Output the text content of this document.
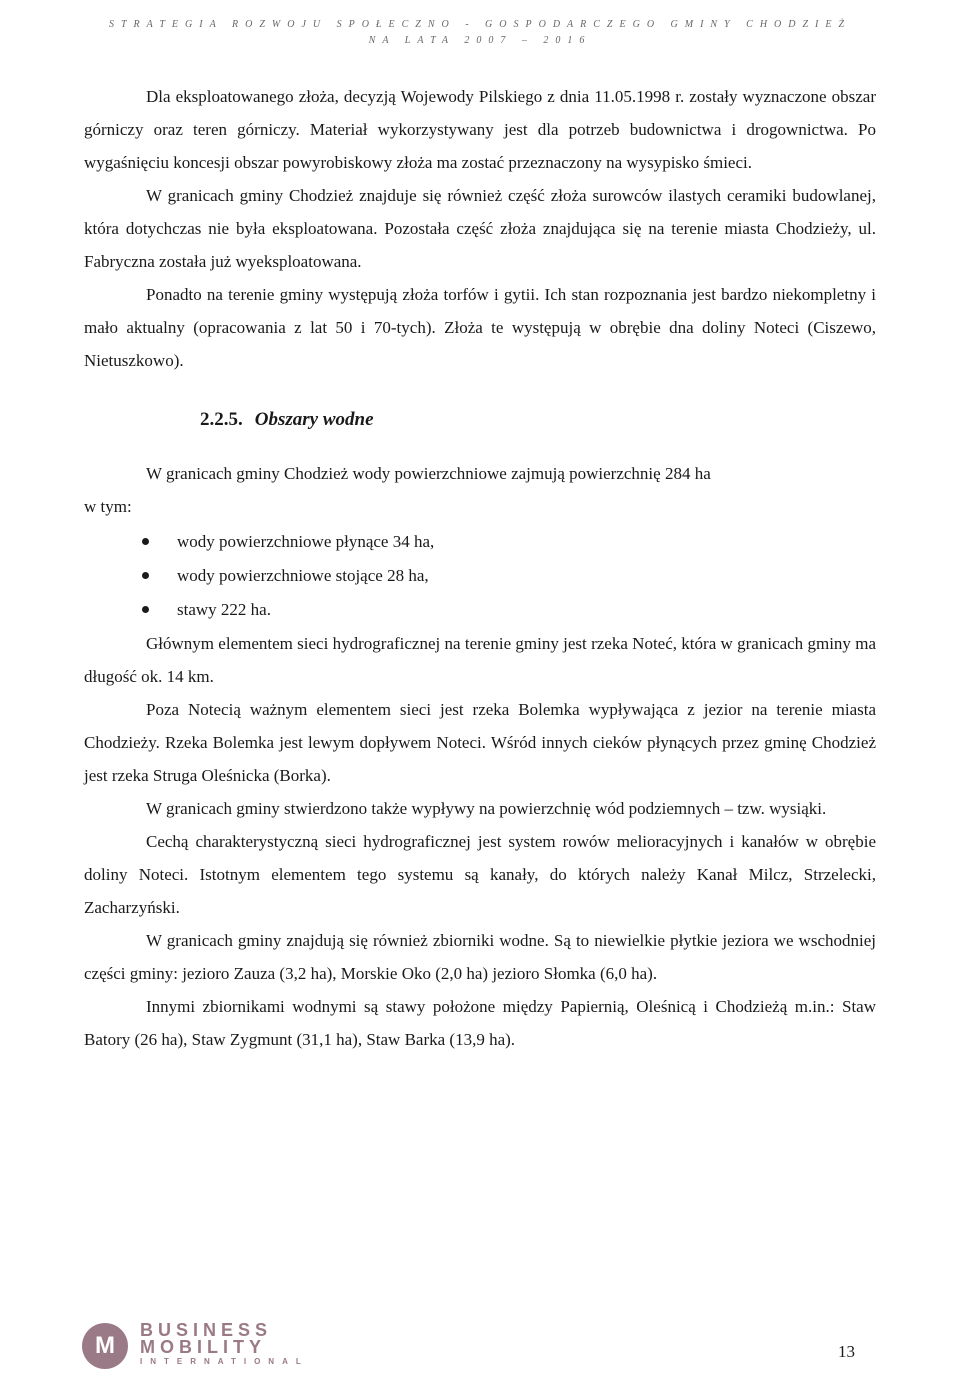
STRATEGIA ROZWOJU SPOŁECZNO - GOSPODARCZEGO GMINY CHODZIEŻ
NA LATA 2007 – 2016

Dla eksploatowanego złoża, decyzją Wojewody Pilskiego z dnia 11.05.1998 r. zostały wyznaczone obszar górniczy oraz teren górniczy. Materiał wykorzystywany jest dla potrzeb budownictwa i drogownictwa. Po wygaśnięciu koncesji obszar powyrobiskowy złoża ma zostać przeznaczony na wysypisko śmieci.

W granicach gminy Chodzież znajduje się również część złoża surowców ilastych ceramiki budowlanej, która dotychczas nie była eksploatowana. Pozostała część złoża znajdująca się na terenie miasta Chodzieży, ul. Fabryczna została już wyeksploatowana.

Ponadto na terenie gminy występują złoża torfów i gytii. Ich stan rozpoznania jest bardzo niekompletny i mało aktualny (opracowania z lat 50 i 70-tych). Złoża te występują w obrębie dna doliny Noteci (Ciszewo, Nietuszkowo).

2.2.5. Obszary wodne

W granicach gminy Chodzież wody powierzchniowe zajmują powierzchnię 284 ha

w tym:

wody powierzchniowe płynące 34 ha,
wody powierzchniowe stojące 28 ha,
stawy 222 ha.

Głównym elementem sieci hydrograficznej na terenie gminy jest rzeka Noteć, która w granicach gminy ma długość ok. 14 km.

Poza Notecią ważnym elementem sieci jest rzeka Bolemka wypływająca z jezior na terenie miasta Chodzieży. Rzeka Bolemka jest lewym dopływem Noteci. Wśród innych cieków płynących przez gminę Chodzież jest rzeka Struga Oleśnicka (Borka).

W granicach gminy stwierdzono także wypływy na powierzchnię wód podziemnych – tzw. wysiąki.

Cechą charakterystyczną sieci hydrograficznej jest system rowów melioracyjnych i kanałów w obrębie doliny Noteci. Istotnym elementem tego systemu są kanały, do których należy Kanał Milcz, Strzelecki, Zacharzyński.

W granicach gminy znajdują się również zbiorniki wodne. Są to niewielkie płytkie jeziora we wschodniej części gminy: jezioro Zauza (3,2 ha), Morskie Oko (2,0 ha) jezioro Słomka (6,0 ha).

Innymi zbiornikami wodnymi są stawy położone między Papiernią, Oleśnicą i Chodzieżą m.in.: Staw Batory (26 ha), Staw Zygmunt (31,1 ha), Staw Barka (13,9 ha).

M
BUSINESS
MOBILITY
INTERNATIONAL
13
